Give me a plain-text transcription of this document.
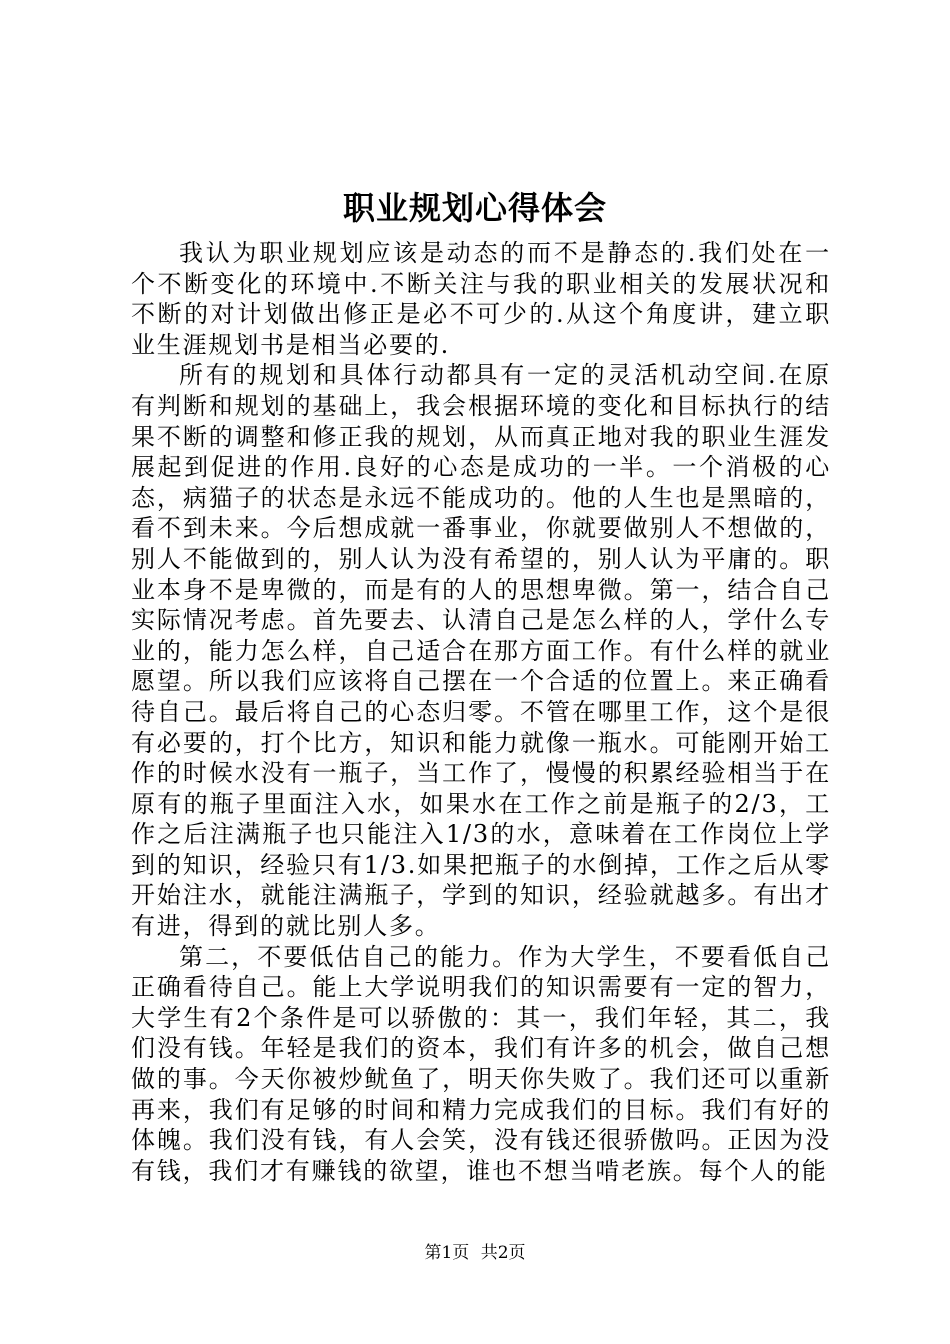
职业规划心得体会

我认为职业规划应该是动态的而不是静态的.我们处在一个不断变化的环境中.不断关注与我的职业相关的发展状况和不断的对计划做出修正是必不可少的.从这个角度讲，建立职业生涯规划书是相当必要的.

所有的规划和具体行动都具有一定的灵活机动空间.在原有判断和规划的基础上，我会根据环境的变化和目标执行的结果不断的调整和修正我的规划，从而真正地对我的职业生涯发展起到促进的作用.良好的心态是成功的一半。一个消极的心态，病猫子的状态是永远不能成功的。他的人生也是黑暗的，看不到未来。今后想成就一番事业，你就要做别人不想做的，别人不能做到的，别人认为没有希望的，别人认为平庸的。职业本身不是卑微的，而是有的人的思想卑微。第一，结合自己实际情况考虑。首先要去、认清自己是怎么样的人，学什么专业的，能力怎么样，自己适合在那方面工作。有什么样的就业愿望。所以我们应该将自己摆在一个合适的位置上。来正确看待自己。最后将自己的心态归零。不管在哪里工作，这个是很有必要的，打个比方，知识和能力就像一瓶水。可能刚开始工作的时候水没有一瓶子，当工作了，慢慢的积累经验相当于在原有的瓶子里面注入水，如果水在工作之前是瓶子的2/3，工作之后注满瓶子也只能注入1/3的水，意味着在工作岗位上学到的知识，经验只有1/3.如果把瓶子的水倒掉，工作之后从零开始注水，就能注满瓶子，学到的知识，经验就越多。有出才有进，得到的就比别人多。

第二，不要低估自己的能力。作为大学生，不要看低自己正确看待自己。能上大学说明我们的知识需要有一定的智力，大学生有2个条件是可以骄傲的：其一，我们年轻，其二，我们没有钱。年轻是我们的资本，我们有许多的机会，做自己想做的事。今天你被炒鱿鱼了，明天你失败了。我们还可以重新再来，我们有足够的时间和精力完成我们的目标。我们有好的体魄。我们没有钱，有人会笑，没有钱还很骄傲吗。正因为没有钱，我们才有赚钱的欲望，谁也不想当啃老族。每个人的能

第1页 共2页
